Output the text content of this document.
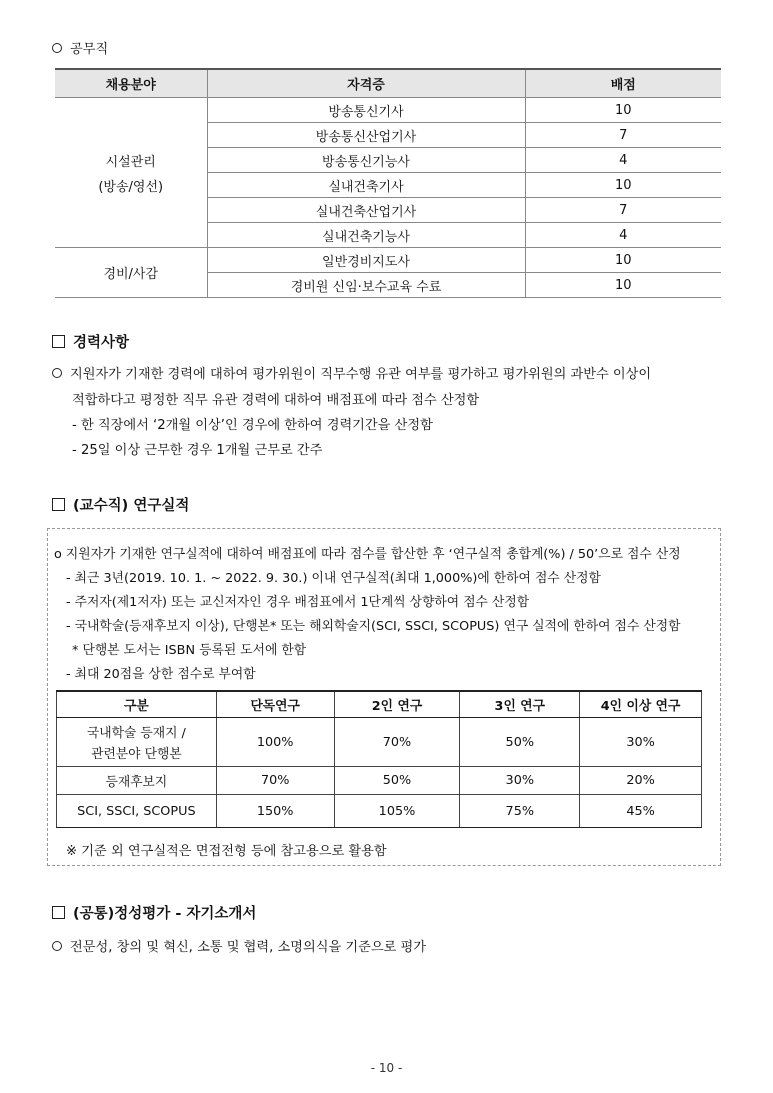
공무직
채용분야	자격증	배점

시설관리
(방송/영선)	방송통신기사	10
	방송통신산업기사	7
	방송통신기능사	4
	실내건축기사	10
	실내건축산업기사	7
	실내건축기능사	4
경비/사감	일반경비지도사	10
	경비원 신임·보수교육 수료	10
경력사항
지원자가 기재한 경력에 대하여 평가위원이 직무수행 유관 여부를 평가하고 평가위원의 과반수 이상이
적합하다고 평정한 직무 유관 경력에 대하여 배점표에 따라 점수 산정함
- 한 직장에서 ‘2개월 이상’인 경우에 한하여 경력기간을 산정함
- 25일 이상 근무한 경우 1개월 근무로 간주
(교수직) 연구실적
o 지원자가 기재한 연구실적에 대하여 배점표에 따라 점수를 합산한 후 ‘연구실적 총합계(%) / 50’으로 점수 산정
- 최근 3년(2019. 10. 1. ~ 2022. 9. 30.) 이내 연구실적(최대 1,000%)에 한하여 점수 산정함
- 주저자(제1저자) 또는 교신저자인 경우 배점표에서 1단계씩 상향하여 점수 산정함
- 국내학술(등재후보지 이상), 단행본* 또는 해외학술지(SCI, SSCI, SCOPUS) 연구 실적에 한하여 점수 산정함
* 단행본 도서는 ISBN 등록된 도서에 한함
- 최대 20점을 상한 점수로 부여함
구분	단독연구	2인 연구	3인 연구	4인 이상 연구

국내학술 등재지 /
관련분야 단행본	100%	70%	50%	30%
등재후보지	70%	50%	30%	20%
SCI, SSCI, SCOPUS	150%	105%	75%	45%
※ 기준 외 연구실적은 면접전형 등에 참고용으로 활용함
(공통)정성평가 - 자기소개서
전문성, 창의 및 혁신, 소통 및 협력, 소명의식을 기준으로 평가
- 10 -
